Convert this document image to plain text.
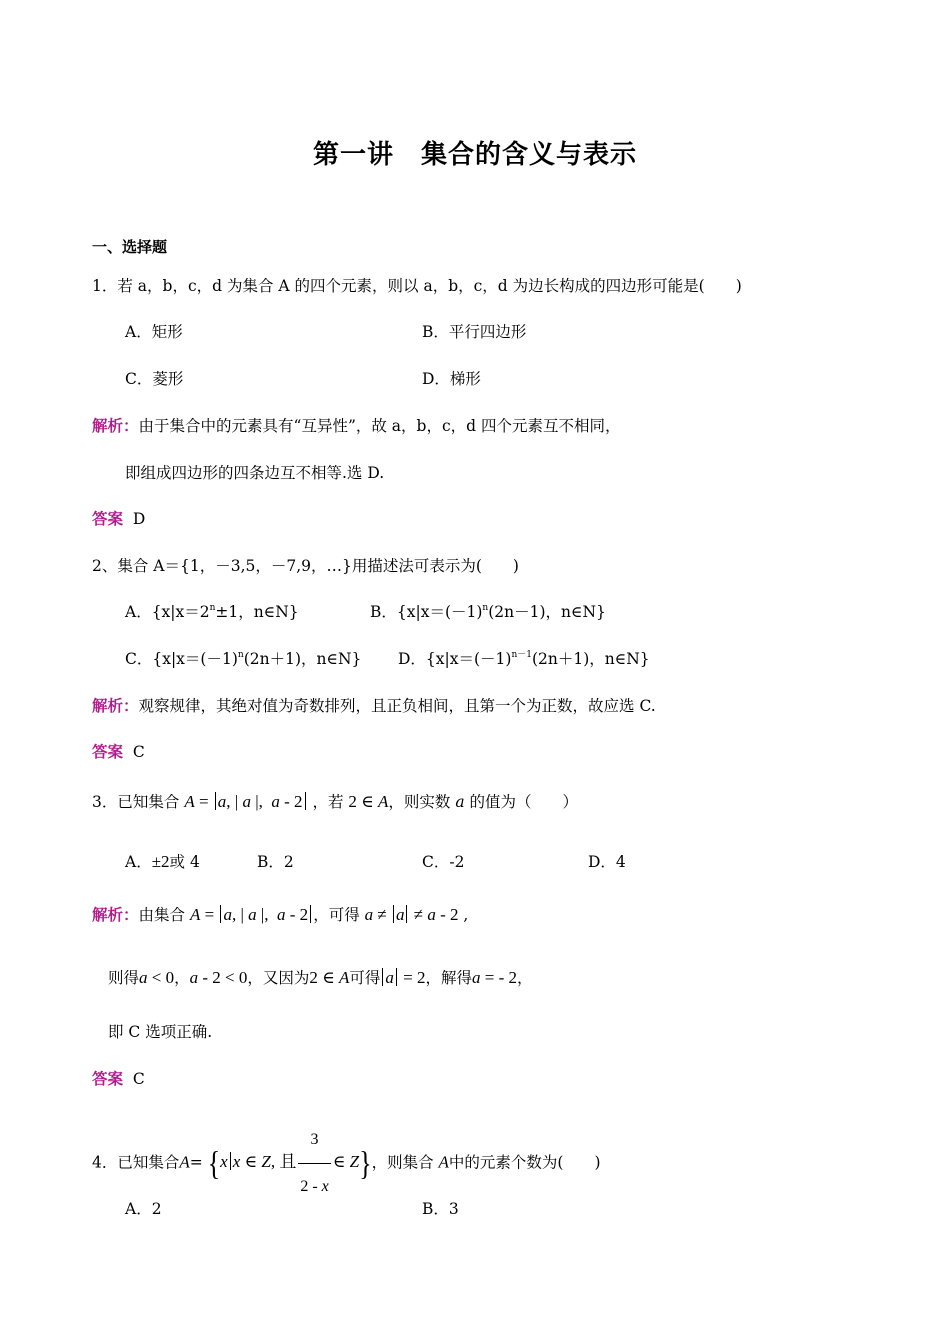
第一讲　集合的含义与表示
一、选择题
1．若 a，b，c，d 为集合 A 的四个元素，则以 a，b，c，d 为边长构成的四边形可能是(　　)
A．矩形	B．平行四边形
C．菱形	D．梯形
解析：由于集合中的元素具有“互异性”，故 a，b，c，d 四个元素互不相同，
即组成四边形的四条边互不相等.选 D.
答案 D
2、集合 A＝{1，－3,5，－7,9，…}用描述法可表示为(　　)
A．{$x|x=2^n\pm 1$，n∈N}	B．{$x|x=(-1)^n(2n-1)$，n∈N}
C．{$x|x=(-1)^n(2n+1)$，n∈N} D．{$x|x=(-1)^{n-1}(2n+1)$，n∈N}
解析：观察规律，其绝对值为奇数排列，且正负相间，且第一个为正数，故应选 C.
答案 C
3．已知集合 A = a, | a |,  a - 2 ，若 2 ∈ A，则实数 a 的值为（　　）
A．±2或 4	B．2	C．-2	D．4
解析：由集合 A = a, | a |,  a - 2 ，可得 a ≠ a ≠ a - 2 ,
则得a < 0，a - 2 < 0，又因为2 ∈ A可得 a = 2，解得a = - 2，
即 C 选项正确.
答案 C
4．已知集合A= {x x ∈ Z, 且 $\frac{3}{2 - x}$ ∈ Z}，则集合 A中的元素个数为(　　)
A．2	B．3
